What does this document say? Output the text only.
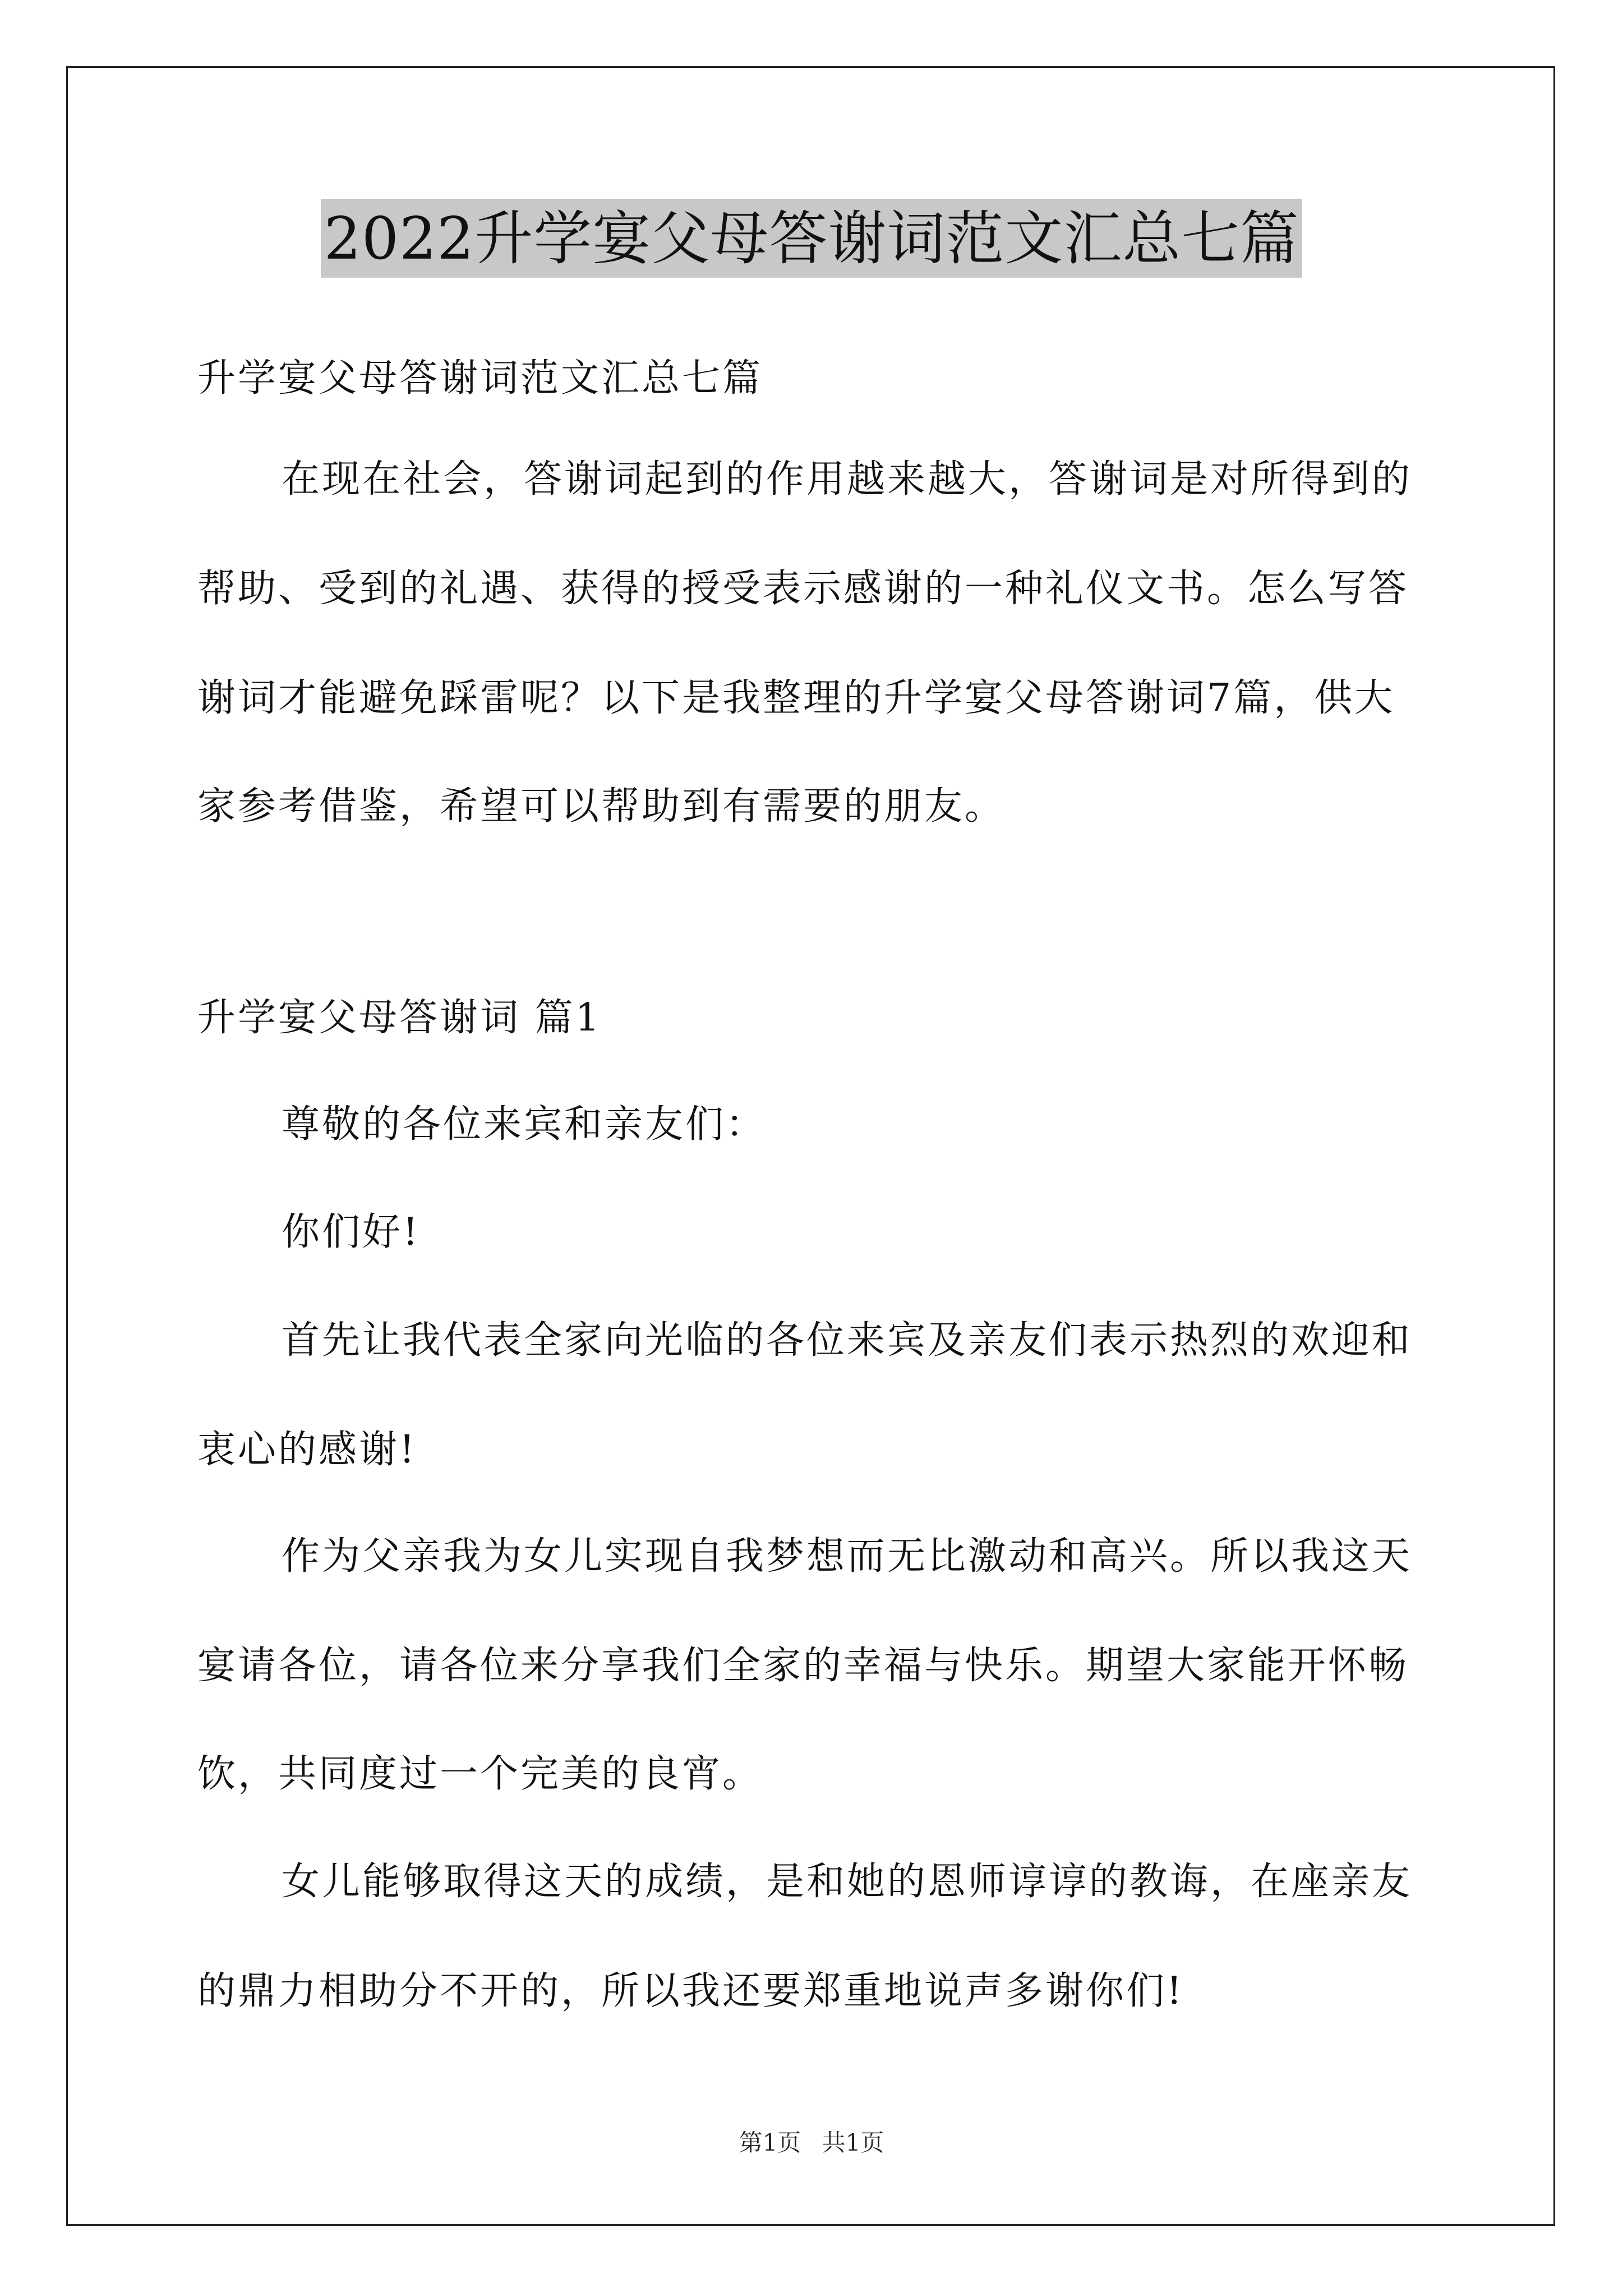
2022升学宴父母答谢词范文汇总七篇
升学宴父母答谢词范文汇总七篇
在现在社会，答谢词起到的作用越来越大，答谢词是对所得到的
帮助、受到的礼遇、获得的授受表示感谢的一种礼仪文书。怎么写答
谢词才能避免踩雷呢？以下是我整理的升学宴父母答谢词7篇，供大
家参考借鉴，希望可以帮助到有需要的朋友。
升学宴父母答谢词 篇1
尊敬的各位来宾和亲友们：
你们好!
首先让我代表全家向光临的各位来宾及亲友们表示热烈的欢迎和
衷心的感谢!
作为父亲我为女儿实现自我梦想而无比激动和高兴。所以我这天
宴请各位，请各位来分享我们全家的幸福与快乐。期望大家能开怀畅
饮，共同度过一个完美的良宵。
女儿能够取得这天的成绩，是和她的恩师谆谆的教诲，在座亲友
的鼎力相助分不开的，所以我还要郑重地说声多谢你们!
第1页 共1页
